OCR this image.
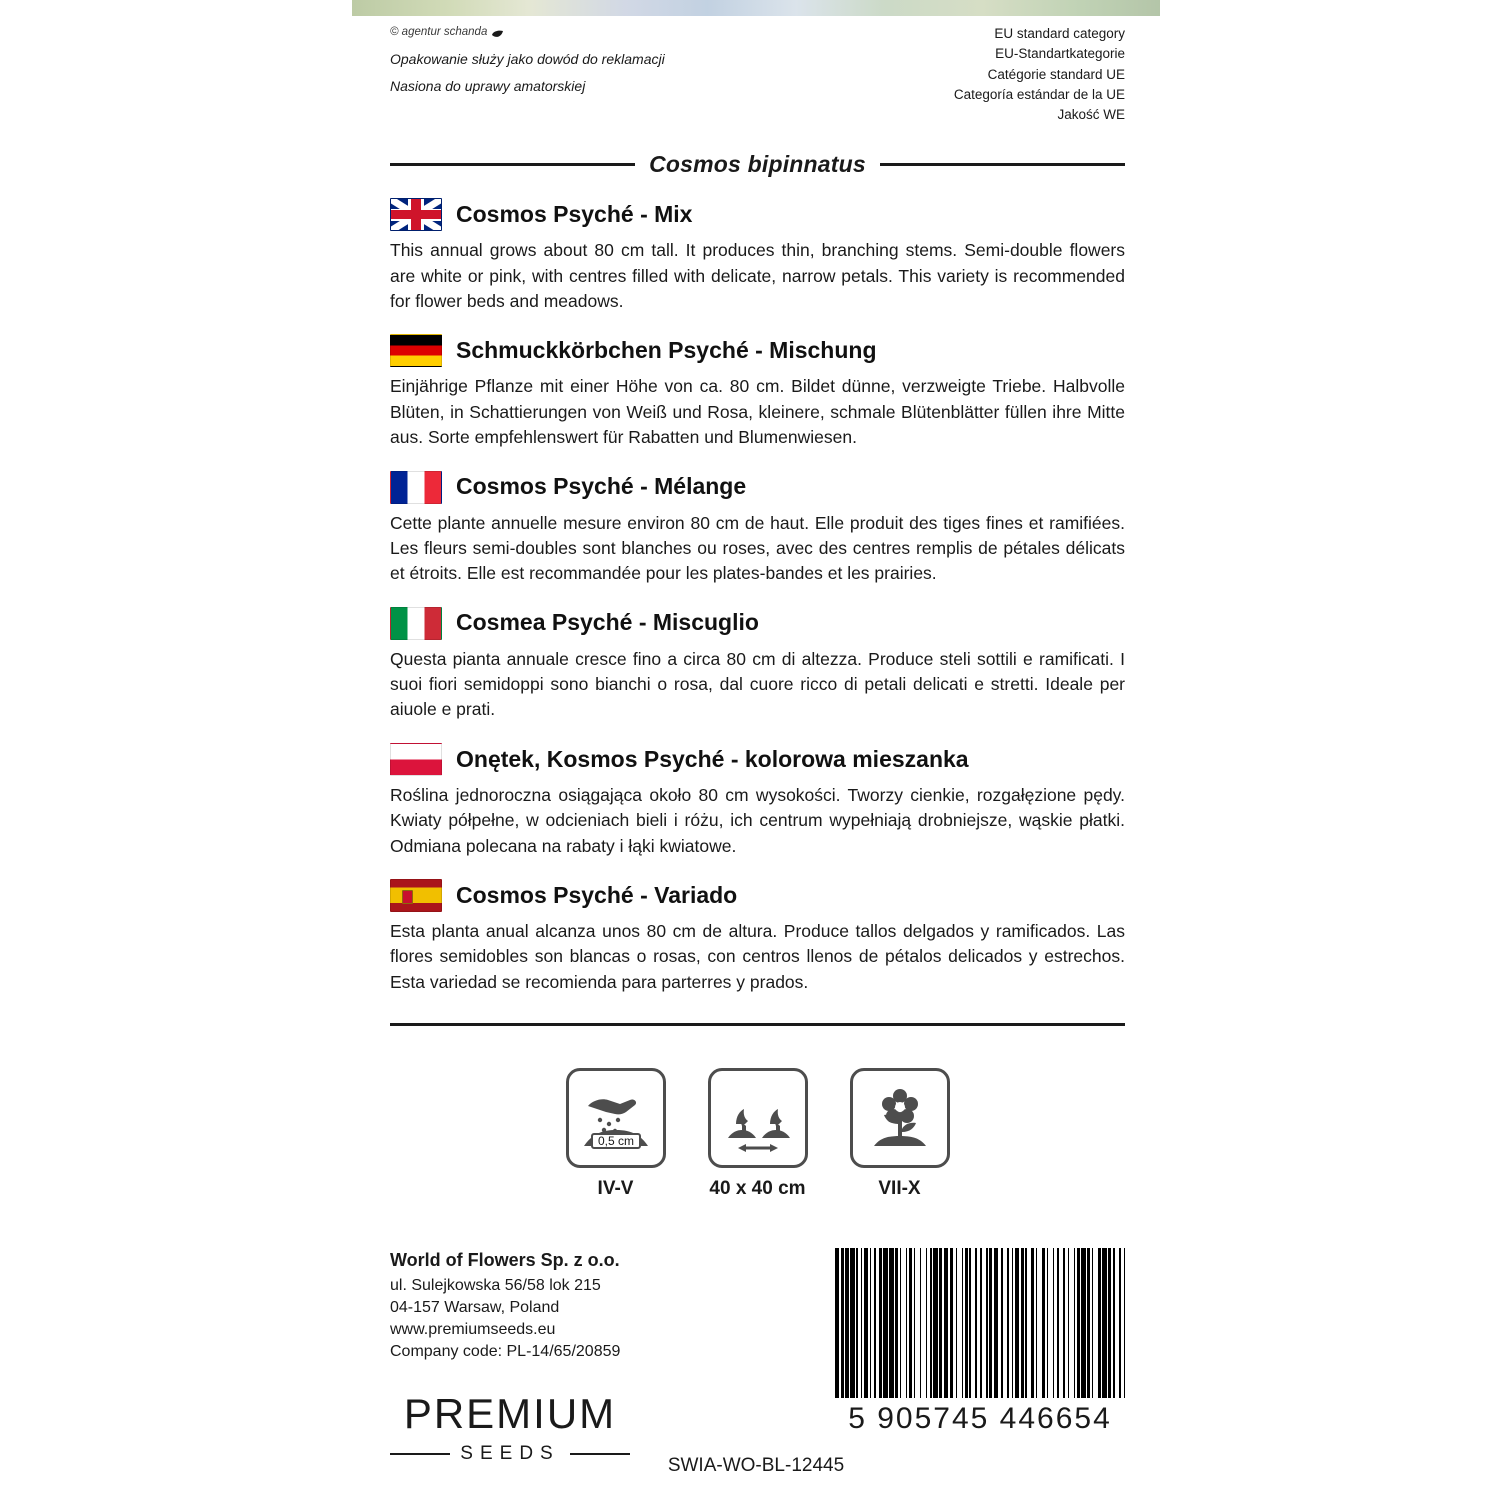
© agentur schanda

Opakowanie służy jako dowód do reklamacji

Nasiona do uprawy amatorskiej

EU standard category
EU-Standartkategorie
Catégorie standard UE
Categoría estándar de la UE
Jakość WE
Cosmos bipinnatus
Cosmos Psyché - Mix
This annual grows about 80 cm tall. It produces thin, branching stems. Semi-double flowers are white or pink, with centres filled with delicate, narrow petals. This variety is recommended for flower beds and meadows.
Schmuckkörbchen Psyché - Mischung
Einjährige Pflanze mit einer Höhe von ca. 80 cm. Bildet dünne, verzweigte Triebe. Halbvolle Blüten, in Schattierungen von Weiß und Rosa, kleinere, schmale Blütenblätter füllen ihre Mitte aus. Sorte empfehlenswert für Rabatten und Blumenwiesen.
Cosmos Psyché - Mélange
Cette plante annuelle mesure environ 80 cm de haut. Elle produit des tiges fines et ramifiées. Les fleurs semi-doubles sont blanches ou roses, avec des centres remplis de pétales délicats et étroits. Elle est recommandée pour les plates-bandes et les prairies.
Cosmea Psyché - Miscuglio
Questa pianta annuale cresce fino a circa 80 cm di altezza. Produce steli sottili e ramificati. I suoi fiori semidoppi sono bianchi o rosa, dal cuore ricco di petali delicati e stretti. Ideale per aiuole e prati.
Onętek, Kosmos Psyché - kolorowa mieszanka
Roślina jednoroczna osiągająca około 80 cm wysokości. Tworzy cienkie, rozgałęzione pędy. Kwiaty półpełne, w odcieniach bieli i różu, ich centrum wypełniają drobniejsze, wąskie płatki. Odmiana polecana na rabaty i łąki kwiatowe.
Cosmos Psyché - Variado
Esta planta anual alcanza unos 80 cm de altura. Produce tallos delgados y ramificados. Las flores semidobles son blancas o rosas, con centros llenos de pétalos delicados y estrechos. Esta variedad se recomienda para parterres y prados.
0,5 cm
IV-V	40 x 40 cm	VII-X
World of Flowers Sp. z o.o.
ul. Sulejkowska 56/58 lok 215
04-157 Warsaw, Poland
www.premiumseeds.eu
Company code: PL-14/65/20859
PREMIUM
SEEDS
5 905745 446654
SWIA-WO-BL-12445
